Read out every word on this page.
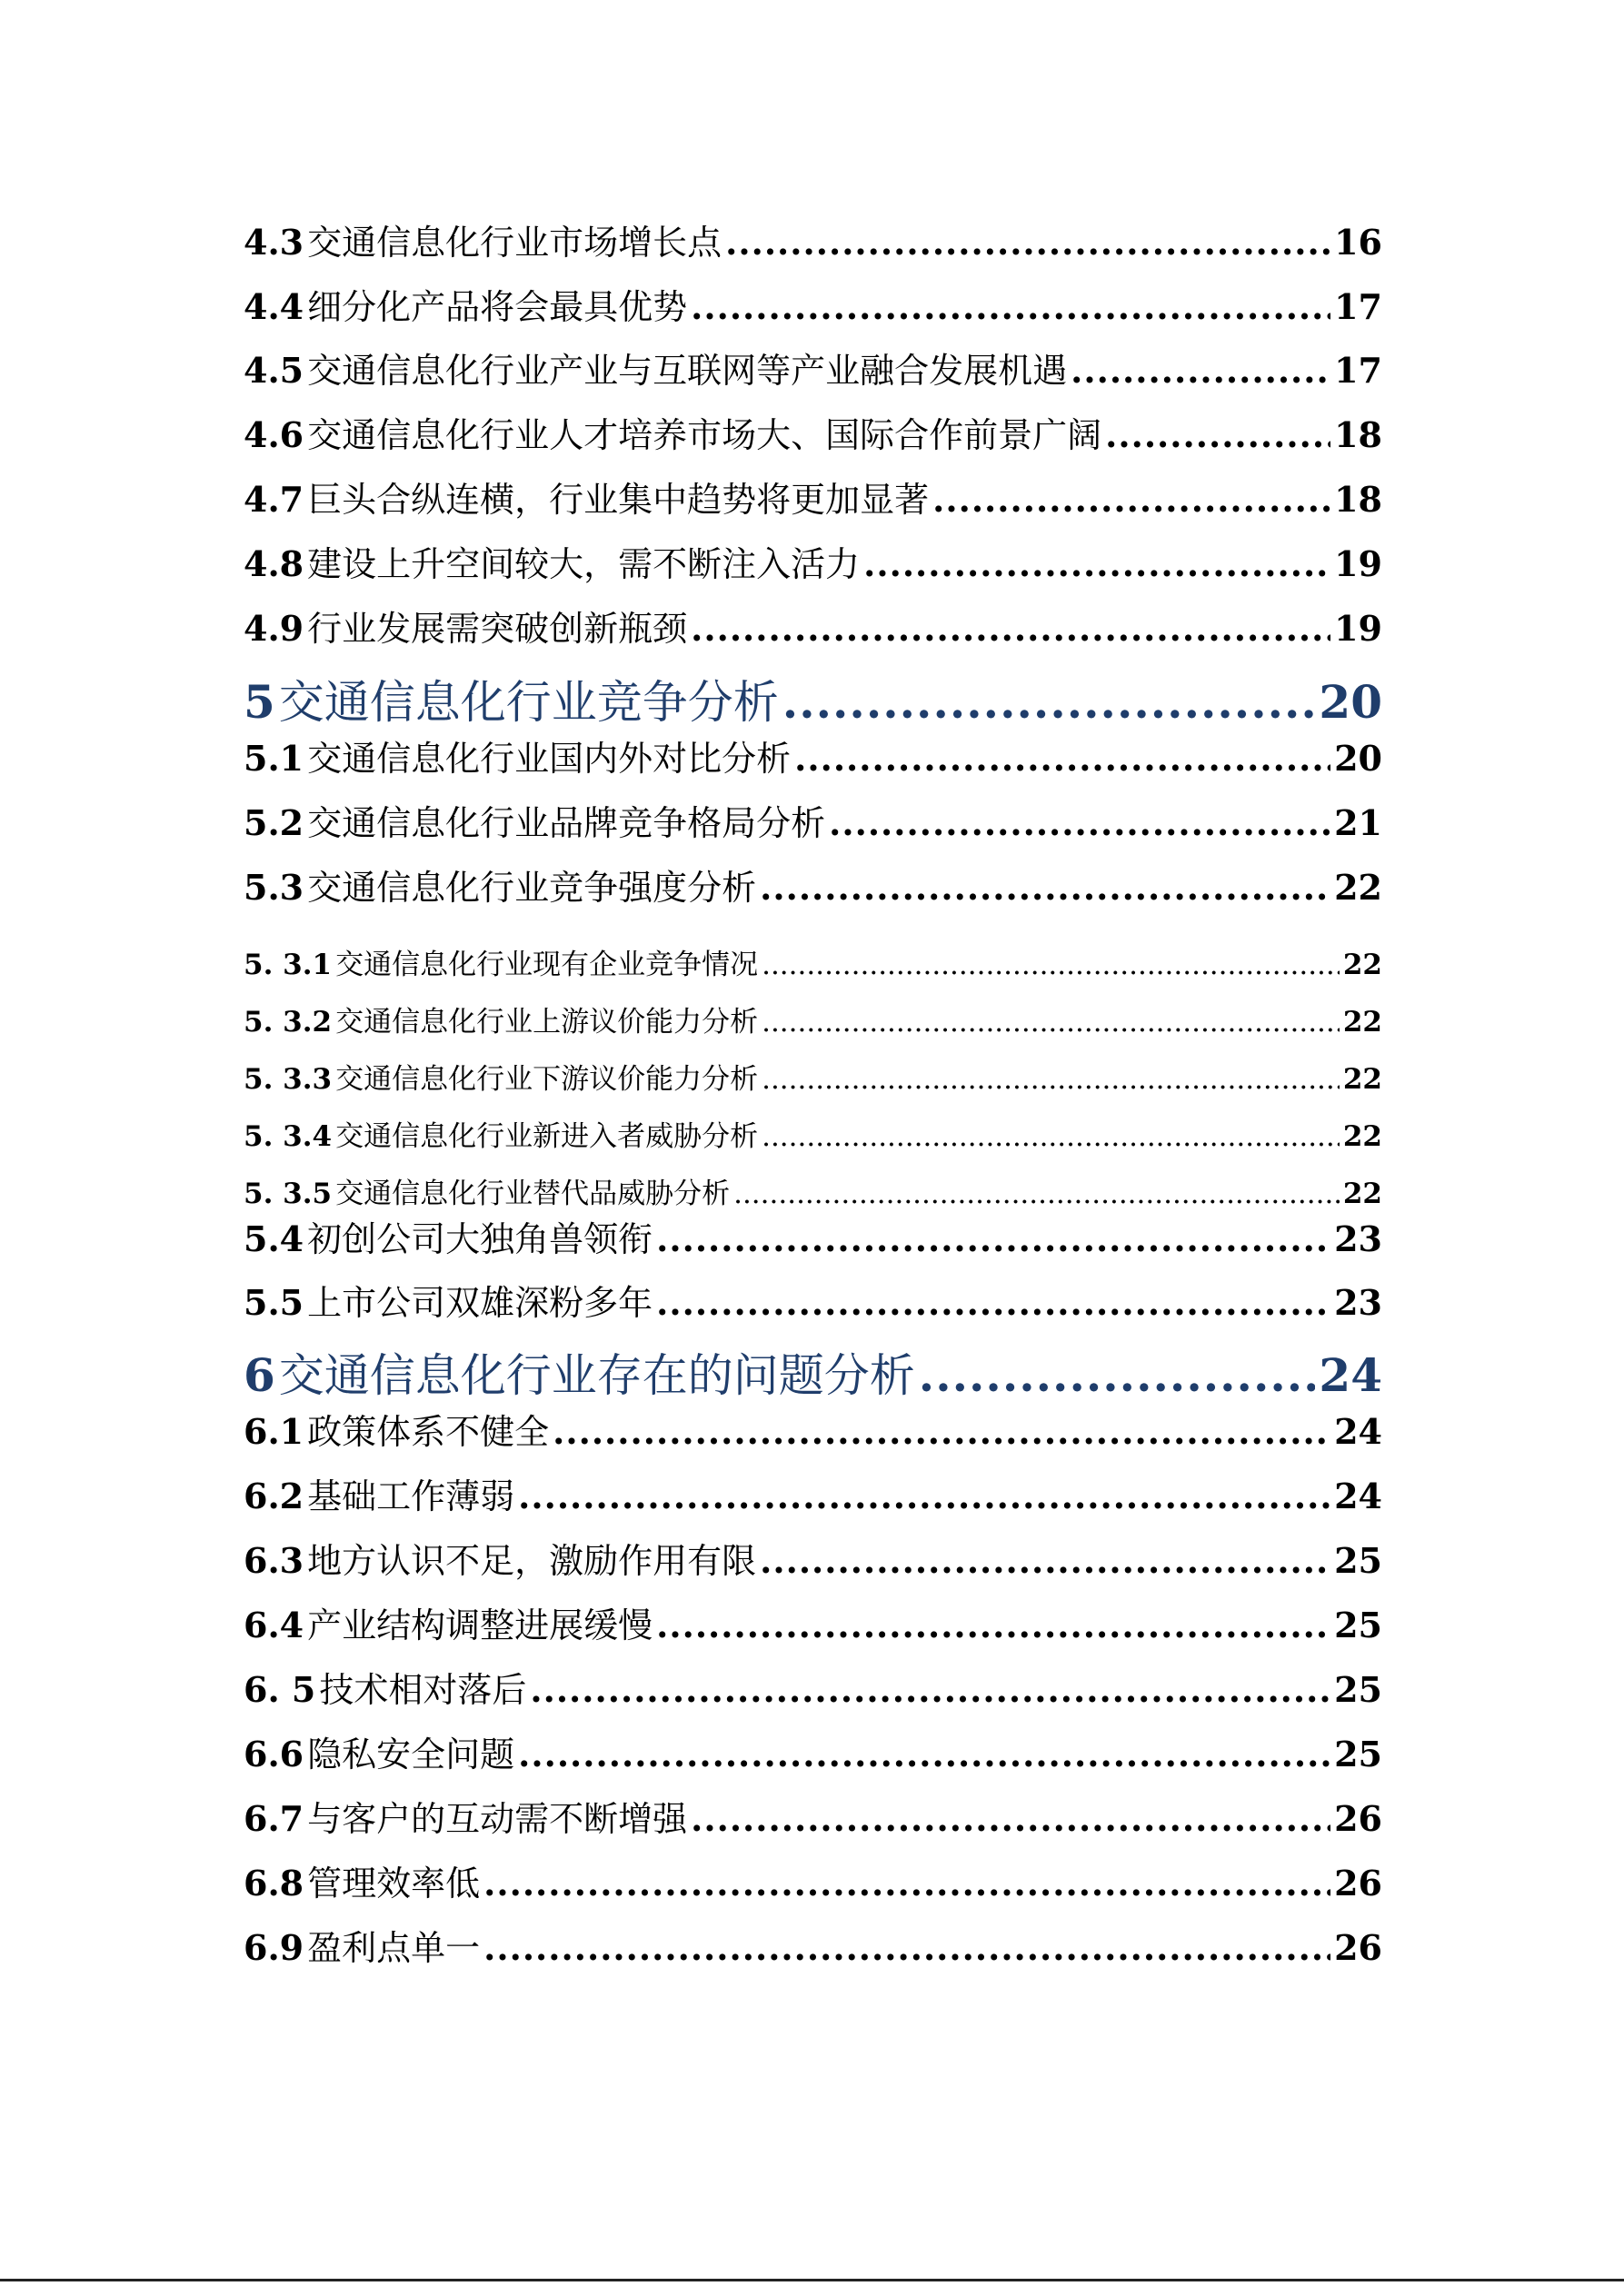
4.3 交通信息化行业市场增长点 .....	16
4.4 细分化产品将会最具优势 .....	17
4.5 交通信息化行业产业与互联网等产业融合发展机遇 .....	17
4.6 交通信息化行业人才培养市场大、国际合作前景广阔 .....	18
4.7 巨头合纵连横，行业集中趋势将更加显著 .....	18
4.8 建设上升空间较大，需不断注入活力 .....	19
4.9 行业发展需突破创新瓶颈 .....	19
5 交通信息化行业竞争分析 .....	20
5.1 交通信息化行业国内外对比分析 .....	20
5.2 交通信息化行业品牌竞争格局分析 .....	21
5.3 交通信息化行业竞争强度分析 .....	22
5. 3.1 交通信息化行业现有企业竞争情况 .....	22
5. 3.2 交通信息化行业上游议价能力分析 .....	22
5. 3.3 交通信息化行业下游议价能力分析 .....	22
5. 3.4 交通信息化行业新进入者威胁分析 .....	22
5. 3.5 交通信息化行业替代品威胁分析 .....	22
5.4 初创公司大独角兽领衔 .....	23
5.5 上市公司双雄深粉多年 .....	23
6 交通信息化行业存在的问题分析 .....	24
6.1 政策体系不健全 .....	24
6.2 基础工作薄弱 .....	24
6.3 地方认识不足，激励作用有限 .....	25
6.4 产业结构调整进展缓慢 .....	25
6. 5 技术相对落后 .....	25
6.6 隐私安全问题 .....	25
6.7 与客户的互动需不断增强 .....	26
6.8 管理效率低 .....	26
6.9 盈利点单一 .....	26
